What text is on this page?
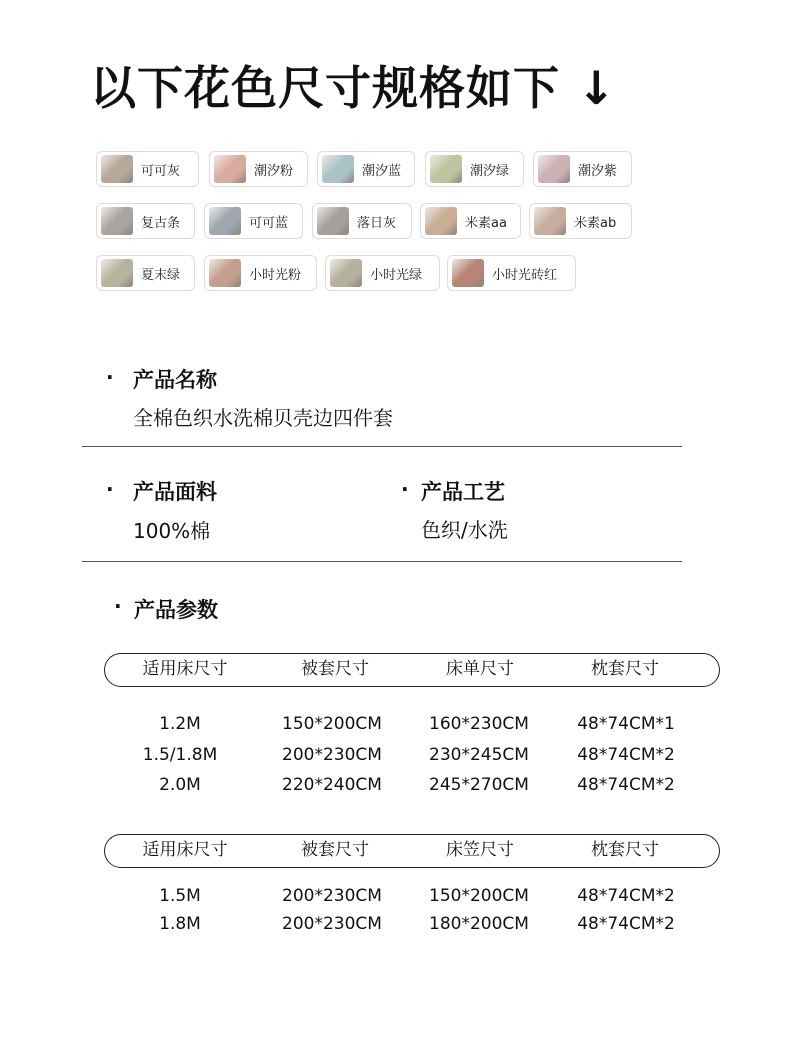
以下花色尺寸规格如下 ↓
可可灰	潮汐粉	潮汐蓝	潮汐绿	潮汐紫
复古条	可可蓝	落日灰	米素aa	米素ab
夏末绿	小时光粉	小时光绿	小时光砖红
· 产品名称
全棉色织水洗棉贝壳边四件套
· 产品面料
100%棉
· 产品工艺
色织/水洗
· 产品参数
适用床尺寸	被套尺寸	床单尺寸	枕套尺寸
1.2M	150*200CM	160*230CM	48*74CM*1
1.5/1.8M	200*230CM	230*245CM	48*74CM*2
2.0M	220*240CM	245*270CM	48*74CM*2
适用床尺寸	被套尺寸	床笠尺寸	枕套尺寸
1.5M	200*230CM	150*200CM	48*74CM*2
1.8M	200*230CM	180*200CM	48*74CM*2
